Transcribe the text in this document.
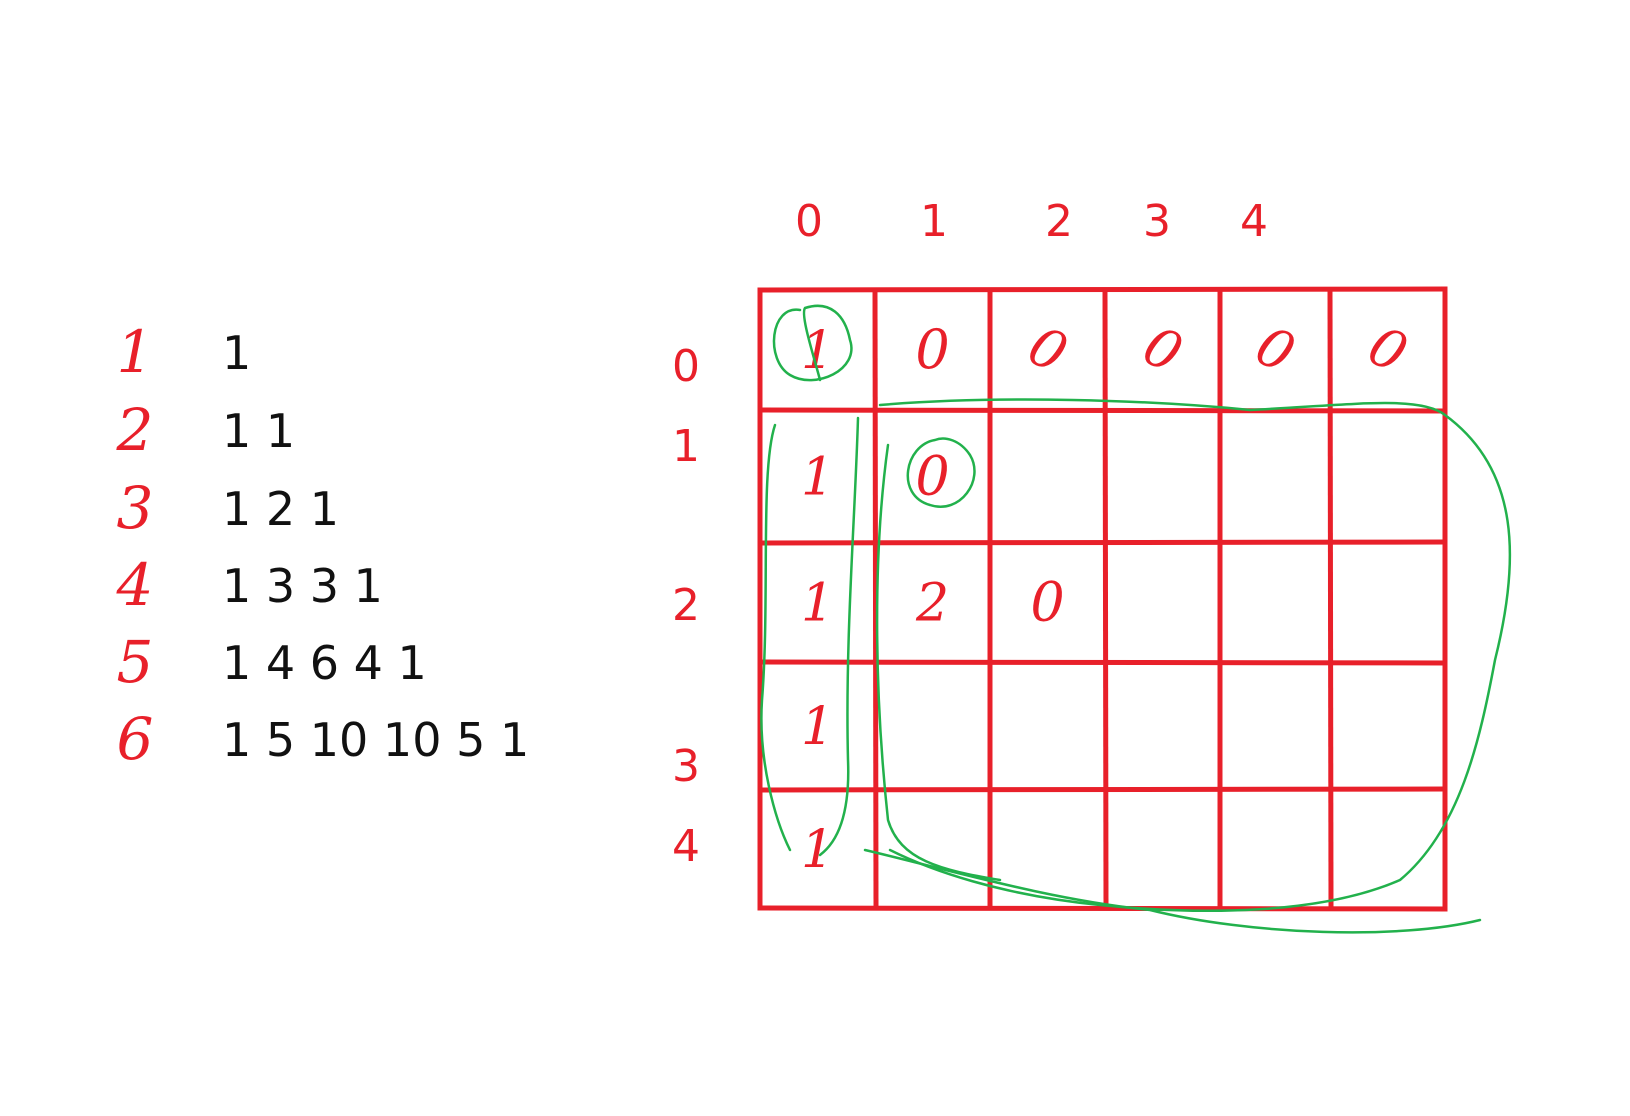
1
2
3
4
5
6
1 0 0 0 0 0
1 0
1 2 0
1
1
1
1 1
1 2 1
1 3 3 1
1 4 6 4 1
1 5 10 10 5 1
0 1 2 3 4
0
1
2
3
4
